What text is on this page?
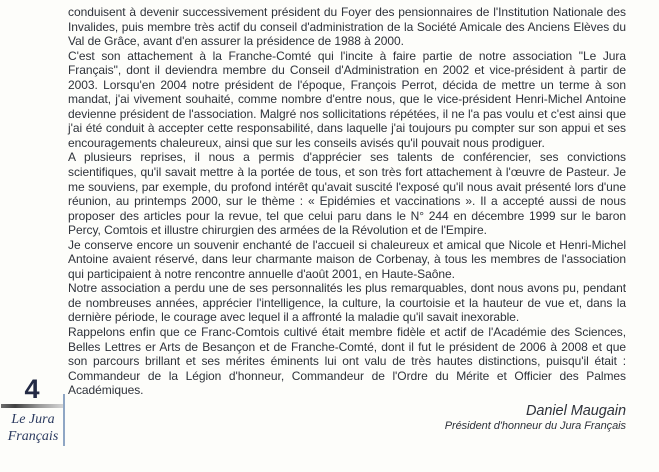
conduisent à devenir successivement président du Foyer des pensionnaires de l'Institution Nationale des Invalides, puis membre très actif du conseil d'administration de la Société Amicale des Anciens Elèves du Val de Grâce, avant d'en assurer la présidence de 1988 à 2000.

C'est son attachement à la Franche-Comté qui l'incite à faire partie de notre association "Le Jura Français", dont il deviendra membre du Conseil d'Administration en 2002 et vice-président à partir de 2003. Lorsqu'en 2004 notre président de l'époque, François Perrot, décida de mettre un terme à son mandat, j'ai vivement souhaité, comme nombre d'entre nous, que le vice-président Henri-Michel Antoine devienne président de l'association. Malgré nos sollicitations répétées, il ne l'a pas voulu et c'est ainsi que j'ai été conduit à accepter cette responsabilité, dans laquelle j'ai toujours pu compter sur son appui et ses encouragements chaleureux, ainsi que sur les conseils avisés qu'il pouvait nous prodiguer.

A plusieurs reprises, il nous a permis d'apprécier ses talents de conférencier, ses convictions scientifiques, qu'il savait mettre à la portée de tous, et son très fort attachement à l'œuvre de Pasteur. Je me souviens, par exemple, du profond intérêt qu'avait suscité l'exposé qu'il nous avait présenté lors d'une réunion, au printemps 2000, sur le thème : « Epidémies et vaccinations ». Il a accepté aussi de nous proposer des articles pour la revue, tel que celui paru dans le N° 244 en décembre 1999 sur le baron Percy, Comtois et illustre chirurgien des armées de la Révolution et de l'Empire.

Je conserve encore un souvenir enchanté de l'accueil si chaleureux et amical que Nicole et Henri-Michel Antoine avaient réservé, dans leur charmante maison de Corbenay, à tous les membres de l'association qui participaient à notre rencontre annuelle d'août 2001, en Haute-Saône.

Notre association a perdu une de ses personnalités les plus remarquables, dont nous avons pu, pendant de nombreuses années, apprécier l'intelligence, la culture, la courtoisie et la hauteur de vue et, dans la dernière période, le courage avec lequel il a affronté la maladie qu'il savait inexorable.

Rappelons enfin que ce Franc-Comtois cultivé était membre fidèle et actif de l'Académie des Sciences, Belles Lettres er Arts de Besançon et de Franche-Comté, dont il fut le président de 2006 à 2008 et que son parcours brillant et ses mérites éminents lui ont valu de très hautes distinctions, puisqu'il était : Commandeur de la Légion d'honneur, Commandeur de l'Ordre du Mérite et Officier des Palmes Académiques.

Daniel Maugain
Président d'honneur du Jura Français
4
Le Jura
Français
